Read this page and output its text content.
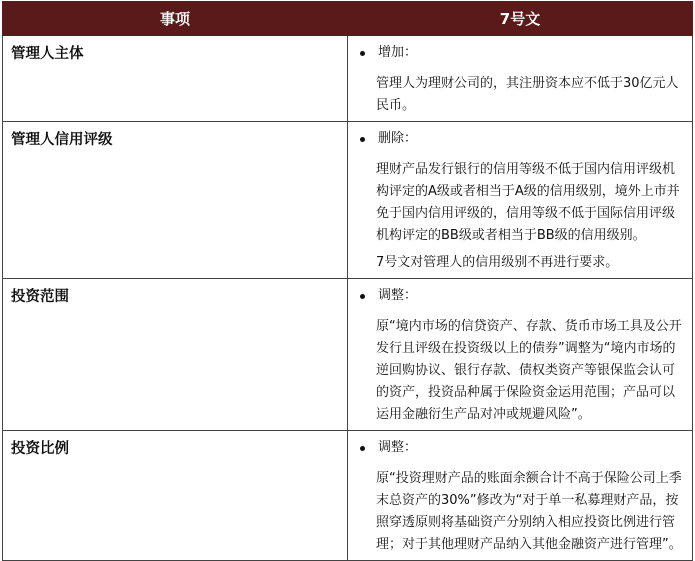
事项	7号文
管理人主体	增加：

管理人为理财公司的，其注册资本应不低于30亿元人民币。

管理人信用评级	删除：

理财产品发行银行的信用等级不低于国内信用评级机构评定的A级或者相当于A级的信用级别，境外上市并免于国内信用评级的，信用等级不低于国际信用评级机构评定的BB级或者相当于BB级的信用级别。

7号文对管理人的信用级别不再进行要求。

投资范围	调整：

原“境内市场的信贷资产、存款、货币市场工具及公开发行且评级在投资级以上的债券”调整为“境内市场的逆回购协议、银行存款、债权类资产等银保监会认可的资产，投资品种属于保险资金运用范围；产品可以运用金融衍生产品对冲或规避风险”。

投资比例	调整：

原“投资理财产品的账面余额合计不高于保险公司上季末总资产的30%”修改为“对于单一私募理财产品，按照穿透原则将基础资产分别纳入相应投资比例进行管理；对于其他理财产品纳入其他金融资产进行管理”。
